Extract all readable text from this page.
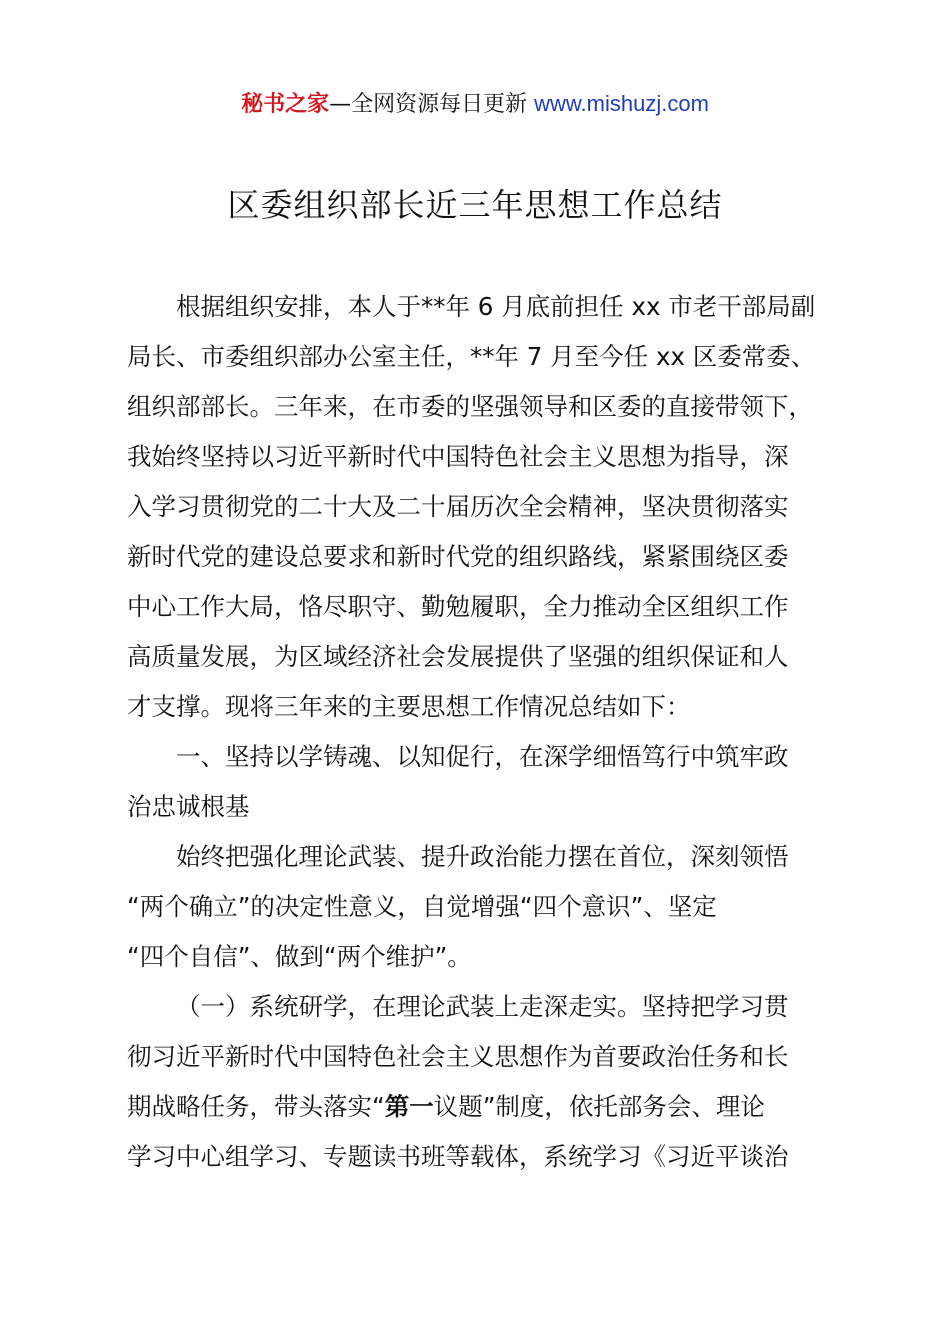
秘书之家—全网资源每日更新 www.mishuzj.com
区委组织部长近三年思想工作总结

根据组织安排，本人于**年 6 月底前担任 xx 市老干部局副

局长、市委组织部办公室主任，**年 7 月至今任 xx 区委常委、

组织部部长。三年来，在市委的坚强领导和区委的直接带领下，

我始终坚持以习近平新时代中国特色社会主义思想为指导，深

入学习贯彻党的二十大及二十届历次全会精神，坚决贯彻落实

新时代党的建设总要求和新时代党的组织路线，紧紧围绕区委

中心工作大局，恪尽职守、勤勉履职，全力推动全区组织工作

高质量发展，为区域经济社会发展提供了坚强的组织保证和人

才支撑。现将三年来的主要思想工作情况总结如下：

一、坚持以学铸魂、以知促行，在深学细悟笃行中筑牢政

治忠诚根基

始终把强化理论武装、提升政治能力摆在首位，深刻领悟

“两个确立”的决定性意义，自觉增强“四个意识”、坚定

“四个自信”、做到“两个维护”。

（一）系统研学，在理论武装上走深走实。坚持把学习贯

彻习近平新时代中国特色社会主义思想作为首要政治任务和长

期战略任务，带头落实“第一议题”制度，依托部务会、理论

学习中心组学习、专题读书班等载体，系统学习《习近平谈治
